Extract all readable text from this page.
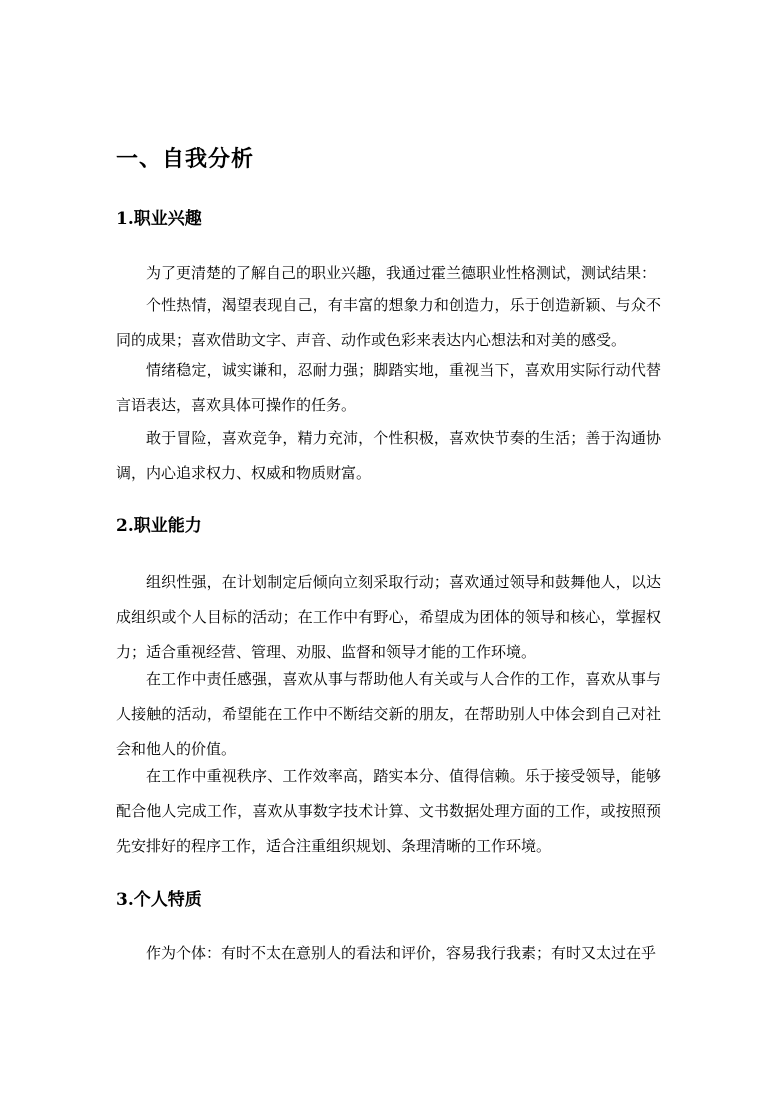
一、自我分析
1.职业兴趣

为了更清楚的了解自己的职业兴趣，我通过霍兰德职业性格测试，测试结果：

个性热情，渴望表现自己，有丰富的想象力和创造力，乐于创造新颖、与众不同的成果；喜欢借助文字、声音、动作或色彩来表达内心想法和对美的感受。

情绪稳定，诚实谦和，忍耐力强；脚踏实地，重视当下，喜欢用实际行动代替言语表达，喜欢具体可操作的任务。

敢于冒险，喜欢竞争，精力充沛，个性积极，喜欢快节奏的生活；善于沟通协调，内心追求权力、权威和物质财富。

2.职业能力

组织性强，在计划制定后倾向立刻采取行动；喜欢通过领导和鼓舞他人，以达成组织或个人目标的活动；在工作中有野心，希望成为团体的领导和核心，掌握权力；适合重视经营、管理、劝服、监督和领导才能的工作环境。

在工作中责任感强，喜欢从事与帮助他人有关或与人合作的工作，喜欢从事与人接触的活动，希望能在工作中不断结交新的朋友，在帮助别人中体会到自己对社会和他人的价值。

在工作中重视秩序、工作效率高，踏实本分、值得信赖。乐于接受领导，能够配合他人完成工作，喜欢从事数字技术计算、文书数据处理方面的工作，或按照预先安排好的程序工作，适合注重组织规划、条理清晰的工作环境。

3.个人特质

作为个体：有时不太在意别人的看法和评价，容易我行我素；有时又太过在乎
